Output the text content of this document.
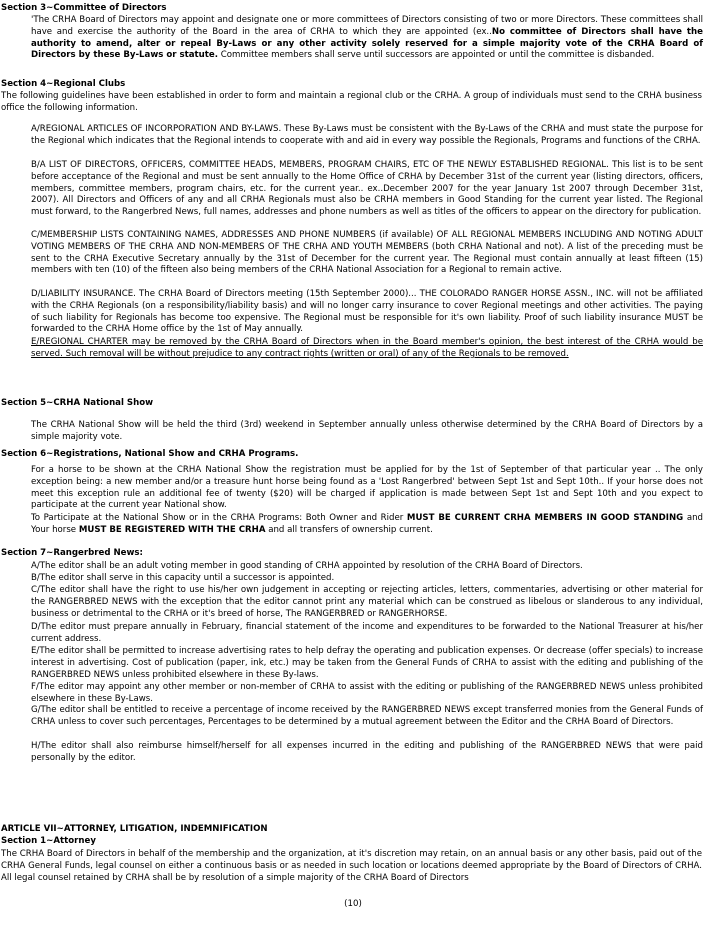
Section 3~Committee of Directors
'The CRHA Board of Directors may appoint and designate one or more committees of Directors consisting of two or more Directors. These committees shall have and exercise the authority of the Board in the area of CRHA to which they are appointed (ex..No committee of Directors shall have the authority to amend, alter or repeal By-Laws or any other activity solely reserved for a simple majority vote of the CRHA Board of Directors by these By-Laws or statute. Committee members shall serve until successors are appointed or until the committee is disbanded.
Section 4~Regional Clubs
The following guidelines have been established in order to form and maintain a regional club or the CRHA. A group of individuals must send to the CRHA business office the following information.
A/REGIONAL ARTICLES OF INCORPORATION AND BY-LAWS. These By-Laws must be consistent with the By-Laws of the CRHA and must state the purpose for the Regional which indicates that the Regional intends to cooperate with and aid in every way possible the Regionals, Programs and functions of the CRHA.
B/A LIST OF DIRECTORS, OFFICERS, COMMITTEE HEADS, MEMBERS, PROGRAM CHAIRS, ETC OF THE NEWLY ESTABLISHED REGIONAL. This list is to be sent before acceptance of the Regional and must be sent annually to the Home Office of CRHA by December 31st of the current year (listing directors, officers, members, committee members, program chairs, etc. for the current year.. ex..December 2007 for the year January 1st 2007 through December 31st, 2007). All Directors and Officers of any and all CRHA Regionals must also be CRHA members in Good Standing for the current year listed. The Regional must forward, to the Rangerbred News, full names, addresses and phone numbers as well as titles of the officers to appear on the directory for publication.
C/MEMBERSHIP LISTS CONTAINING NAMES, ADDRESSES AND PHONE NUMBERS (if available) OF ALL REGIONAL MEMBERS INCLUDING AND NOTING ADULT VOTING MEMBERS OF THE CRHA AND NON-MEMBERS OF THE CRHA AND YOUTH MEMBERS (both CRHA National and not). A list of the preceding must be sent to the CRHA Executive Secretary annually by the 31st of December for the current year. The Regional must contain annually at least fifteen (15) members with ten (10) of the fifteen also being members of the CRHA National Association for a Regional to remain active.
D/LIABILITY INSURANCE. The CRHA Board of Directors meeting (15th September 2000)... THE COLORADO RANGER HORSE ASSN., INC. will not be affiliated with the CRHA Regionals (on a responsibility/liability basis) and will no longer carry insurance to cover Regional meetings and other activities. The paying of such liability for Regionals has become too expensive. The Regional must be responsible for it's own liability. Proof of such liability insurance MUST be forwarded to the CRHA Home office by the 1st of May annually.
E/REGIONAL CHARTER may be removed by the CRHA Board of Directors when in the Board member's opinion, the best interest of the CRHA would be served. Such removal will be without prejudice to any contract rights (written or oral) of any of the Regionals to be removed.
Section 5~CRHA National Show
The CRHA National Show will be held the third (3rd) weekend in September annually unless otherwise determined by the CRHA Board of Directors by a simple majority vote.
Section 6~Registrations, National Show and CRHA Programs.
For a horse to be shown at the CRHA National Show the registration must be applied for by the 1st of September of that particular year .. The only exception being: a new member and/or a treasure hunt horse being found as a 'Lost Rangerbred' between Sept 1st and Sept 10th.. If your horse does not meet this exception rule an additional fee of twenty ($20) will be charged if application is made between Sept 1st and Sept 10th and you expect to participate at the current year National show.
To Participate at the National Show or in the CRHA Programs: Both Owner and Rider MUST BE CURRENT CRHA MEMBERS IN GOOD STANDING and Your horse MUST BE REGISTERED WITH THE CRHA and all transfers of ownership current.
Section 7~Rangerbred News:
A/The editor shall be an adult voting member in good standing of CRHA appointed by resolution of the CRHA Board of Directors.
B/The editor shall serve in this capacity until a successor is appointed.
C/The editor shall have the right to use his/her own judgement in accepting or rejecting articles, letters, commentaries, advertising or other material for the RANGERBRED NEWS with the exception that the editor cannot print any material which can be construed as libelous or slanderous to any individual, business or detrimental to the CRHA or it's breed of horse, The RANGERBRED or RANGERHORSE.
D/The editor must prepare annually in February, financial statement of the income and expenditures to be forwarded to the National Treasurer at his/her current address.
E/The editor shall be permitted to increase advertising rates to help defray the operating and publication expenses. Or decrease (offer specials) to increase interest in advertising. Cost of publication (paper, ink, etc.) may be taken from the General Funds of CRHA to assist with the editing and publishing of the RANGERBRED NEWS unless prohibited elsewhere in these By-laws.
F/The editor may appoint any other member or non-member of CRHA to assist with the editing or publishing of the RANGERBRED NEWS unless prohibited elsewhere in these By-Laws.
G/The editor shall be entitled to receive a percentage of income received by the RANGERBRED NEWS except transferred monies from the General Funds of CRHA unless to cover such percentages, Percentages to be determined by a mutual agreement between the Editor and the CRHA Board of Directors.
H/The editor shall also reimburse himself/herself for all expenses incurred in the editing and publishing of the RANGERBRED NEWS that were paid personally by the editor.
ARTICLE VII~ATTORNEY, LITIGATION, INDEMNIFICATION
Section 1~Attorney
The CRHA Board of Directors in behalf of the membership and the organization, at it's discretion may retain, on an annual basis or any other basis, paid out of the CRHA General Funds, legal counsel on either a continuous basis or as needed in such location or locations deemed appropriate by the Board of Directors of CRHA. All legal counsel retained by CRHA shall be by resolution of a simple majority of the CRHA Board of Directors
(10)
